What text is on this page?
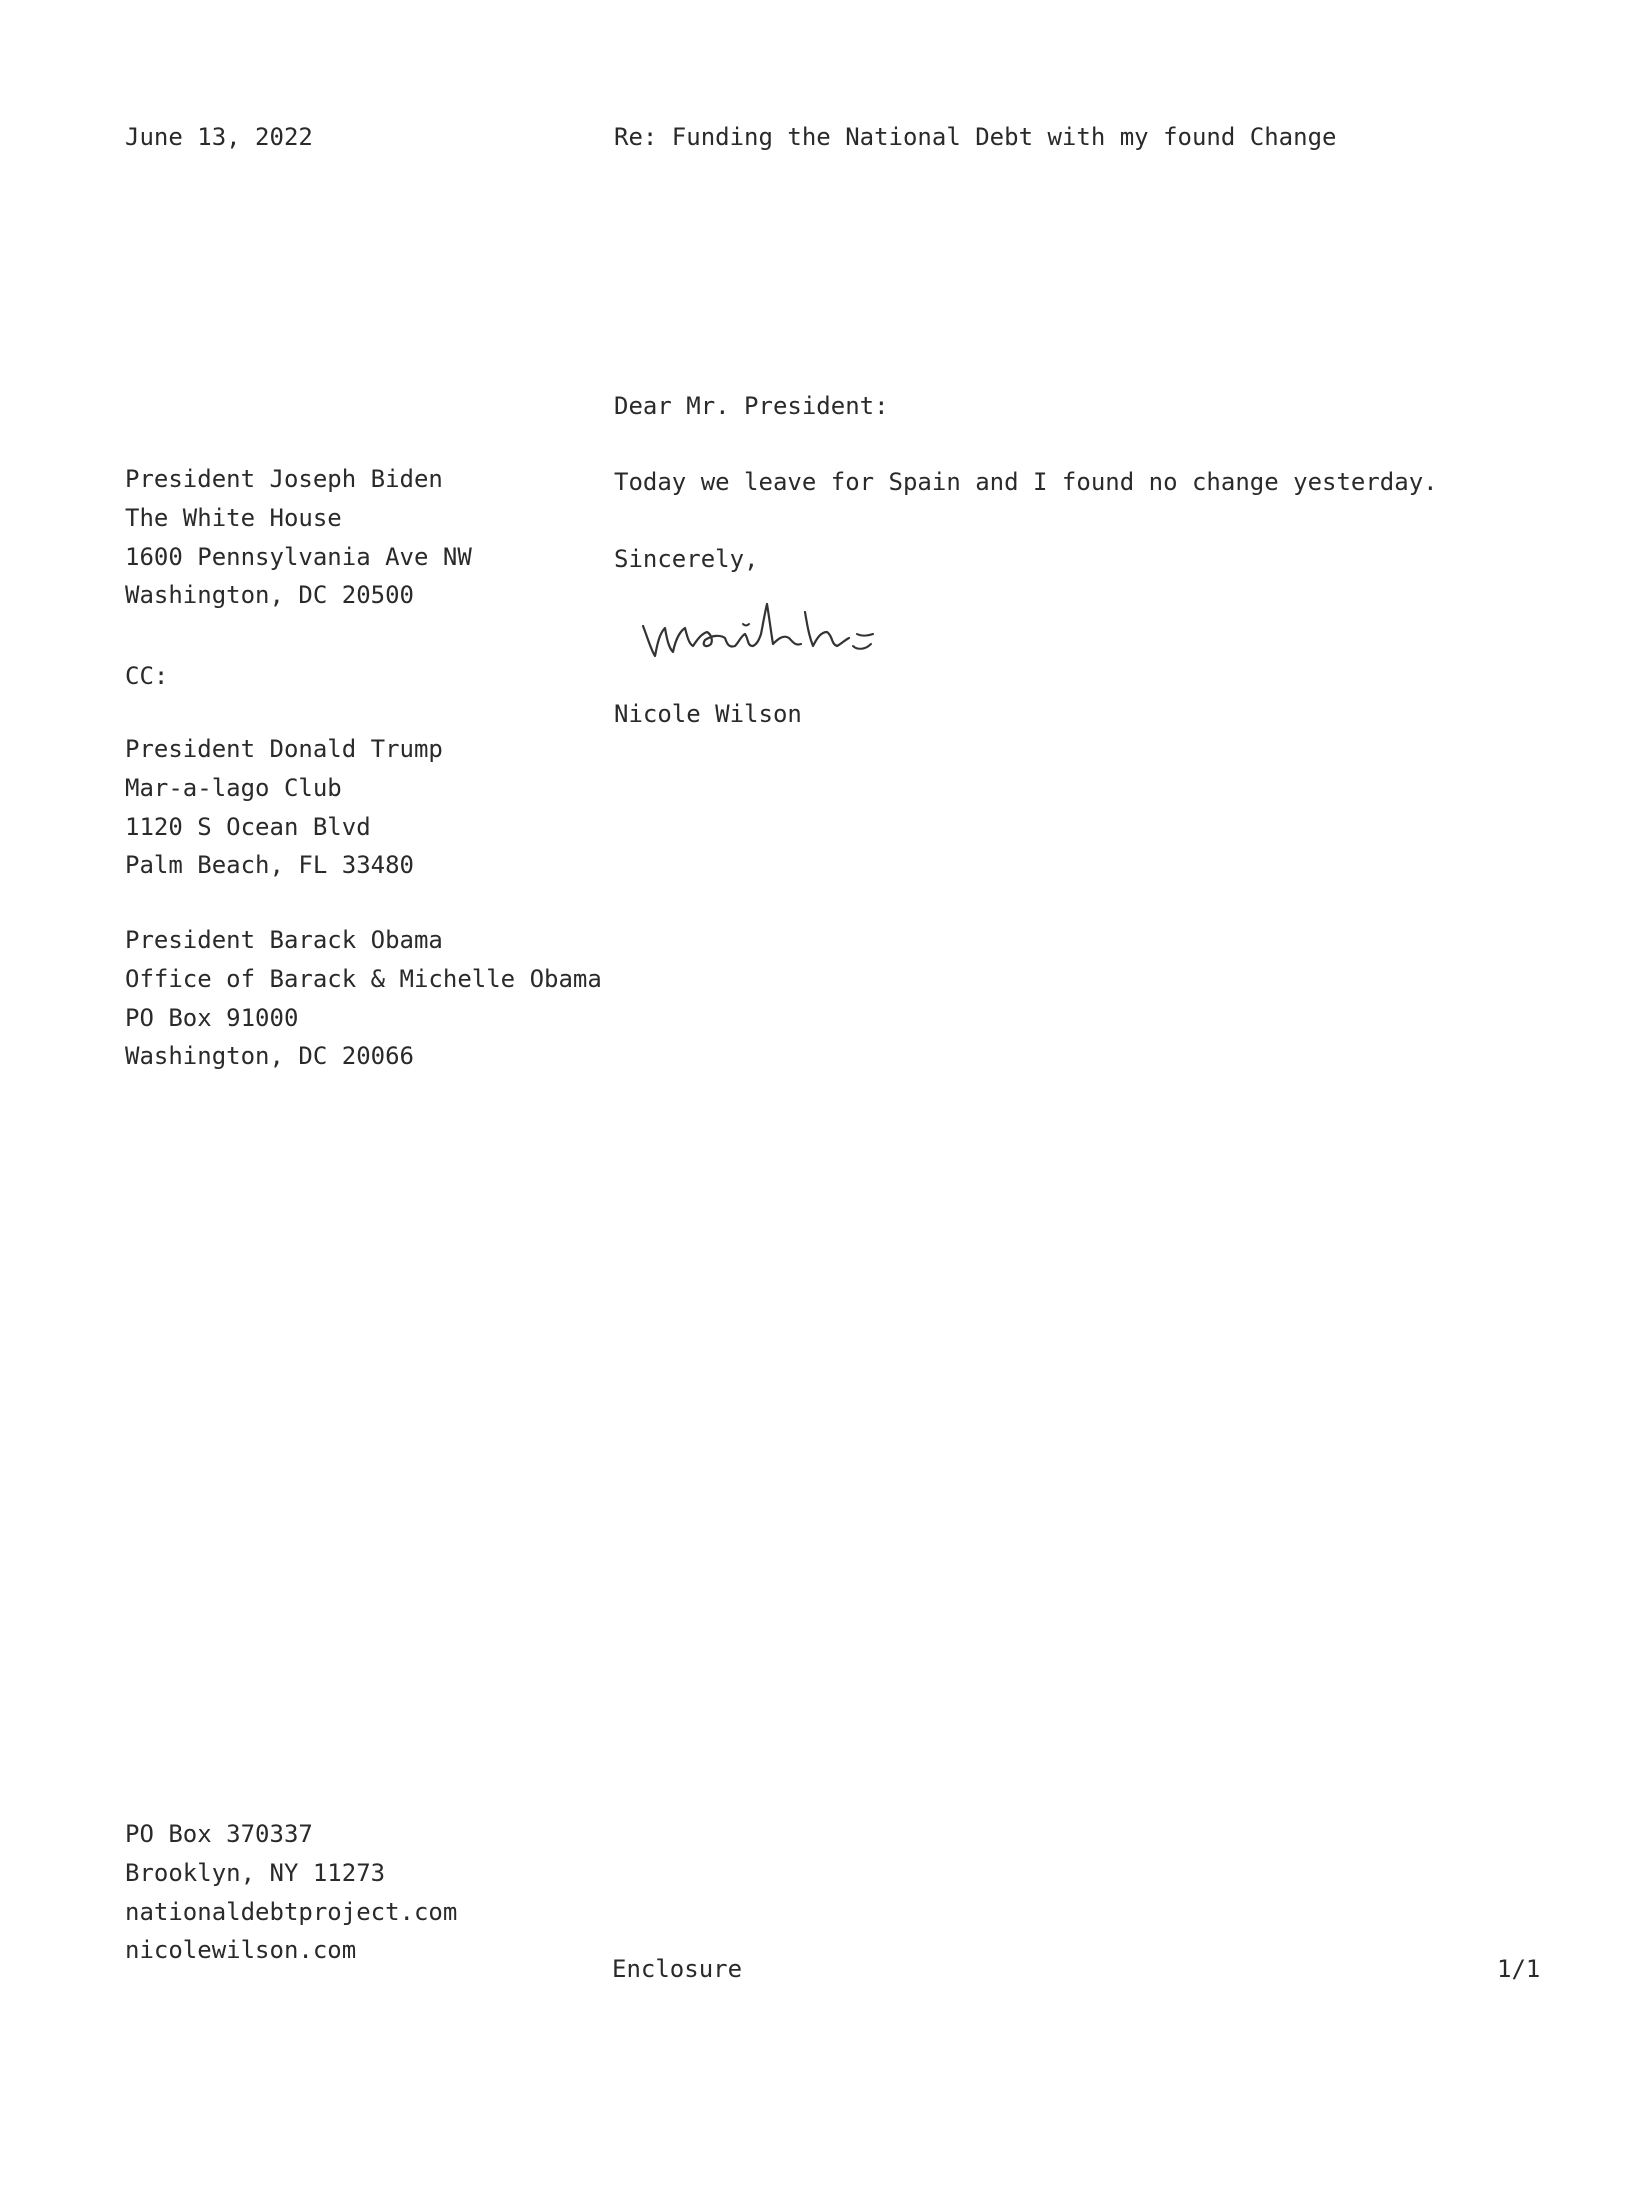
June 13, 2022	Re: Funding the National Debt with my found Change
Dear Mr. President:
Today we leave for Spain and I found no change yesterday.
Sincerely,
Nicole Wilson
President Joseph Biden
The White House
1600 Pennsylvania Ave NW
Washington, DC 20500
CC:
President Donald Trump
Mar-a-lago Club
1120 S Ocean Blvd
Palm Beach, FL 33480
President Barack Obama
Office of Barack & Michelle Obama
PO Box 91000
Washington, DC 20066
PO Box 370337
Brooklyn, NY 11273
nationaldebtproject.com
nicolewilson.com
Enclosure	1/1
